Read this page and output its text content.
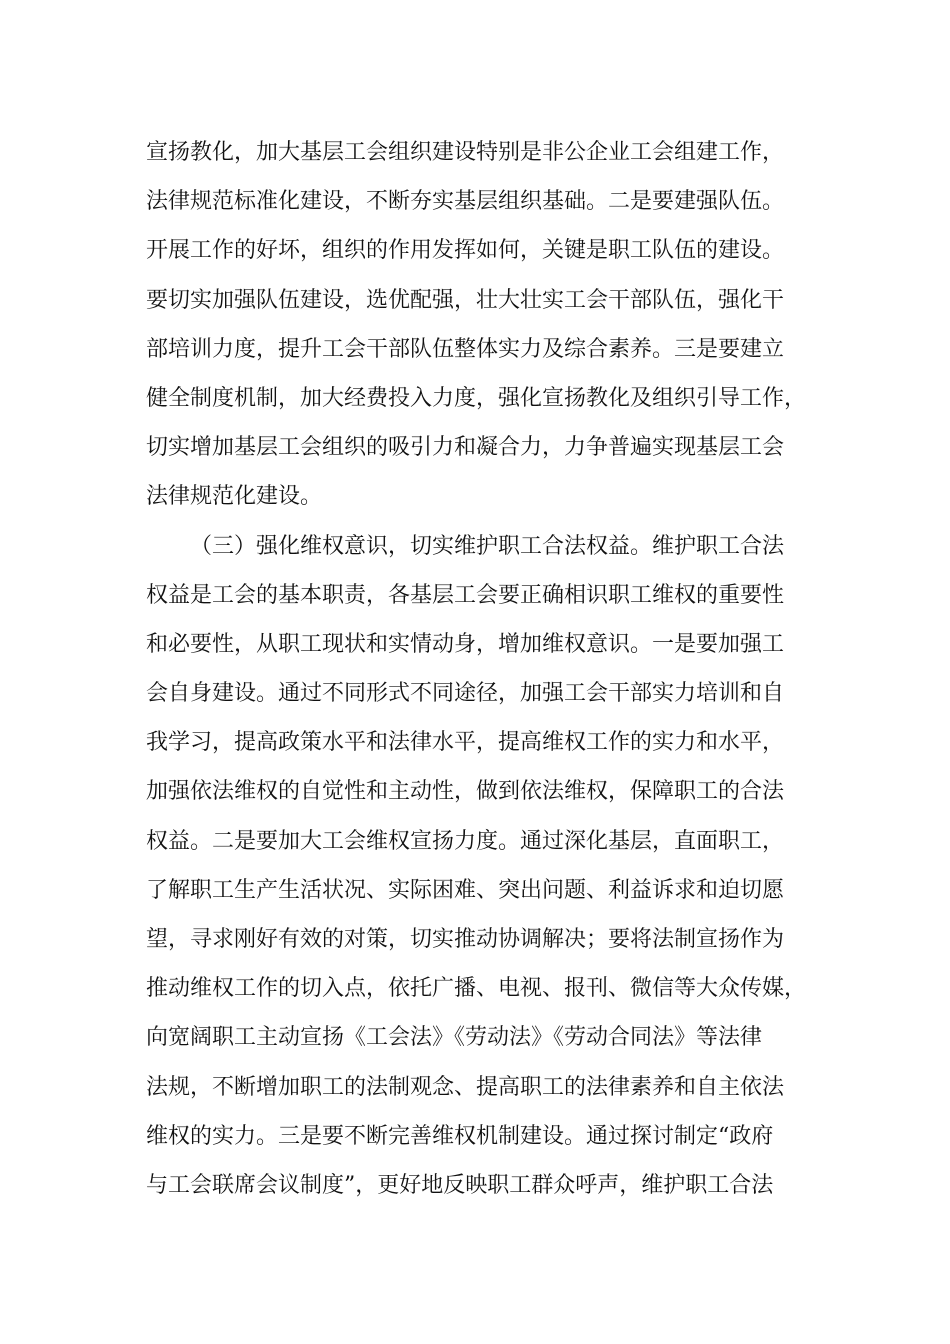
宣扬教化，加大基层工会组织建设特别是非公企业工会组建工作，
法律规范标准化建设，不断夯实基层组织基础。二是要建强队伍。
开展工作的好坏，组织的作用发挥如何，关键是职工队伍的建设。
要切实加强队伍建设，选优配强，壮大壮实工会干部队伍，强化干
部培训力度，提升工会干部队伍整体实力及综合素养。三是要建立
健全制度机制，加大经费投入力度，强化宣扬教化及组织引导工作，
切实增加基层工会组织的吸引力和凝合力，力争普遍实现基层工会
法律规范化建设。
（三）强化维权意识，切实维护职工合法权益。维护职工合法
权益是工会的基本职责，各基层工会要正确相识职工维权的重要性
和必要性，从职工现状和实情动身，增加维权意识。一是要加强工
会自身建设。通过不同形式不同途径，加强工会干部实力培训和自
我学习，提高政策水平和法律水平，提高维权工作的实力和水平，
加强依法维权的自觉性和主动性，做到依法维权，保障职工的合法
权益。二是要加大工会维权宣扬力度。通过深化基层，直面职工，
了解职工生产生活状况、实际困难、突出问题、利益诉求和迫切愿
望，寻求刚好有效的对策，切实推动协调解决；要将法制宣扬作为
推动维权工作的切入点，依托广播、电视、报刊、微信等大众传媒，
向宽阔职工主动宣扬《工会法》《劳动法》《劳动合同法》等法律
法规，不断增加职工的法制观念、提高职工的法律素养和自主依法
维权的实力。三是要不断完善维权机制建设。通过探讨制定“政府
与工会联席会议制度”，更好地反映职工群众呼声，维护职工合法
